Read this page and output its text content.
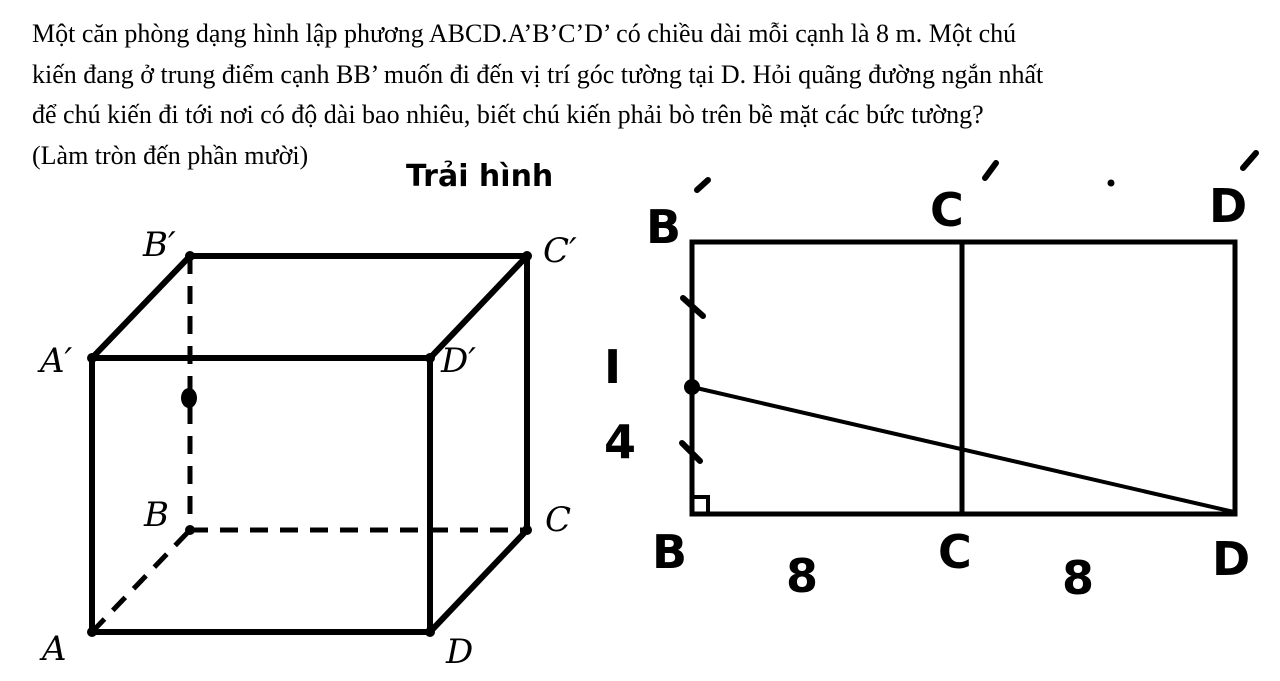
Một căn phòng dạng hình lập phương ABCD.A’B’C’D’ có chiều dài mỗi cạnh là 8 m. Một chú
kiến đang ở trung điểm cạnh BB’ muốn đi đến vị trí góc tường tại D. Hỏi quãng đường ngắn nhất
để chú kiến đi tới nơi có độ dài bao nhiêu, biết chú kiến phải bò trên bề mặt các bức tường?
(Làm tròn đến phần mười)
Trải hình
B′	C′
A′	D′
B	C
A	D
B	C	D
I
4
B	C	D
8	8
